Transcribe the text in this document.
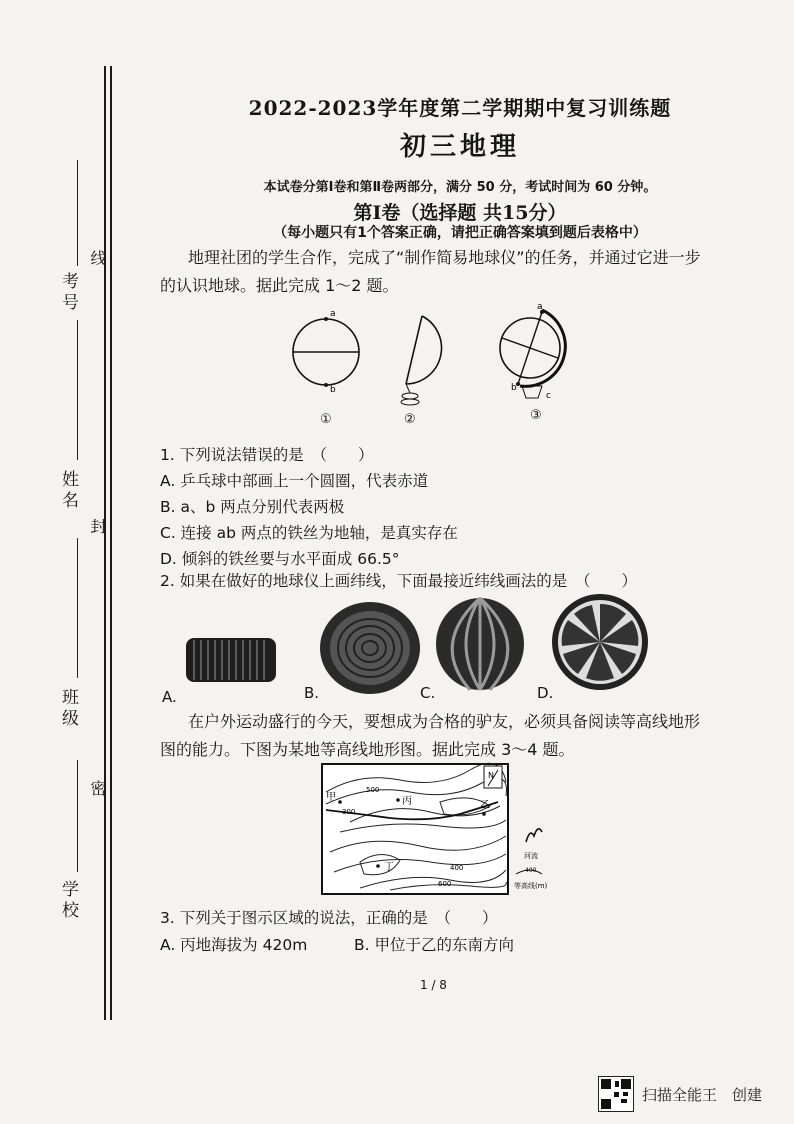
考号
姓名
班级
学校
线
封
密
2022-2023学年度第二学期期中复习训练题
初三地理
本试卷分第Ⅰ卷和第Ⅱ卷两部分，满分 50 分，考试时间为 60 分钟。
第Ⅰ卷（选择题 共15分）
（每小题只有1个答案正确，请把正确答案填到题后表格中）
地理社团的学生合作，完成了“制作简易地球仪”的任务，并通过它进一步
的认识地球。据此完成 1～2 题。
a
b
a
b
c
①	②	③
1. 下列说法错误的是　（　　）
A. 乒乓球中部画上一个圆圈，代表赤道
B. a、b 两点分别代表两极
C. 连接 ab 两点的铁丝为地轴，是真实存在
D. 倾斜的铁丝要与水平面成 66.5°
2. 如果在做好的地球仪上画纬线，下面最接近纬线画法的是　（　　）
A.	B.	C.	D.
在户外运动盛行的今天，要想成为合格的驴友，必须具备阅读等高线地形
图的能力。下图为某地等高线地形图。据此完成 3～4 题。
甲	丙	乙
丁
300
500
400
600
N
河流
400
等高线(m)
3. 下列关于图示区域的说法，正确的是　（　　）
A. 丙地海拔为 420m	B. 甲位于乙的东南方向
1 / 8
扫描全能王　创建
